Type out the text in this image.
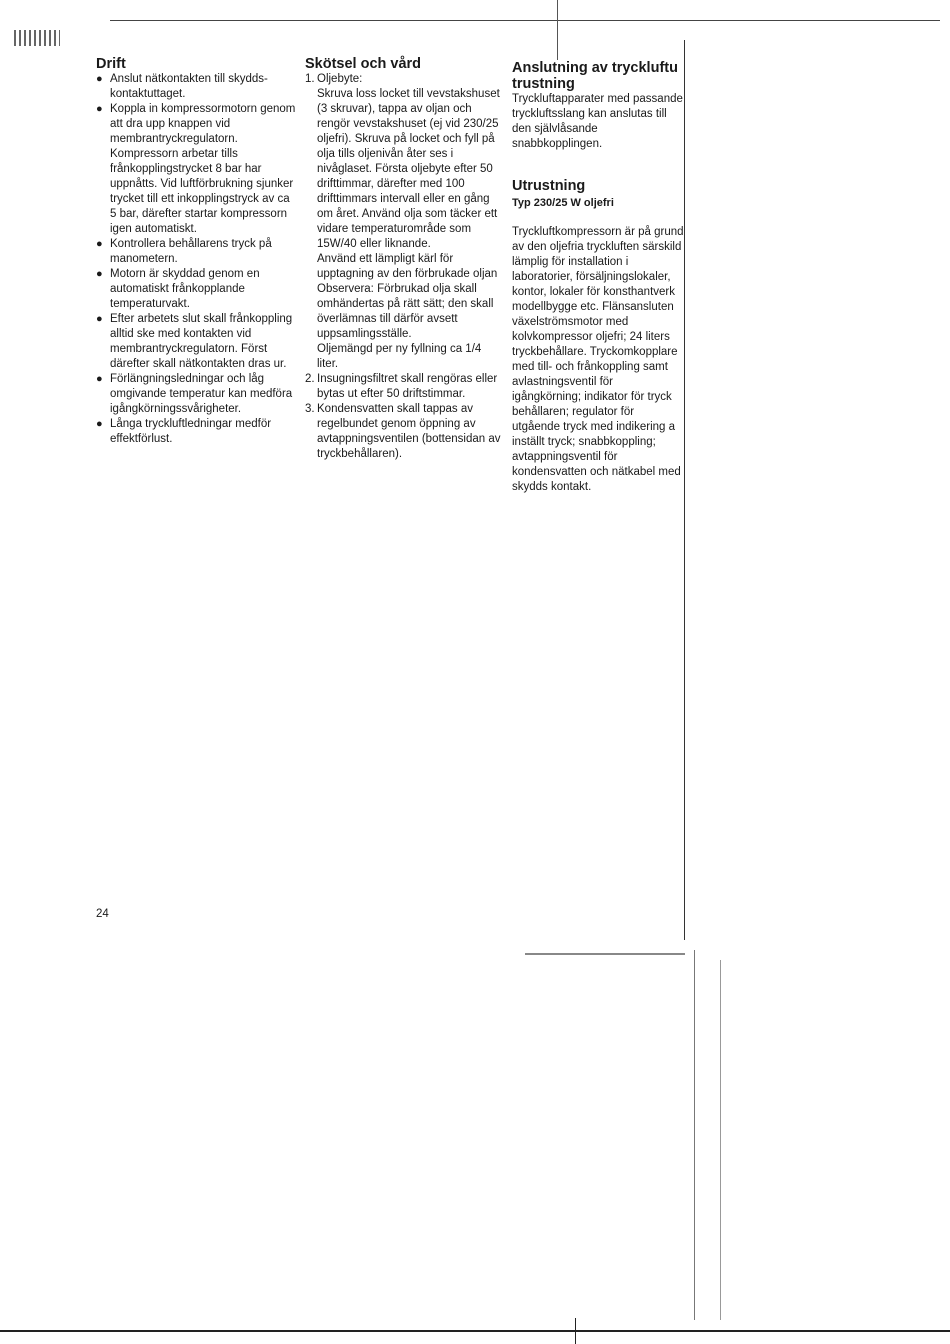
Drift
● Anslut nätkontakten till skydds-kontaktuttaget.
● Koppla in kompressormotorn genom att dra upp knappen vid membrantryckregulatorn. Kompressorn arbetar tills frånkopplingstrycket 8 bar har uppnåtts. Vid luftförbrukning sjunker trycket till ett inkopplingstryck av ca 5 bar, därefter startar kompressorn igen automatiskt.
● Kontrollera behållarens tryck på manometern.
● Motorn är skyddad genom en automatiskt frånkopplande temperaturvakt.
● Efter arbetets slut skall frånkoppling alltid ske med kontakten vid membrantryckregulatorn. Först därefter skall nätkontakten dras ur.
● Förlängningsledningar och låg omgivande temperatur kan medföra igångkörningssvårigheter.
● Långa tryckluftledningar medför effektförlust.
Skötsel och vård
1. Oljebyte:

Skruva loss locket till vevstakshuset (3 skruvar), tappa av oljan och rengör vevstakshuset (ej vid 230/25 oljefri). Skruva på locket och fyll på olja tills oljenivån åter ses i nivåglaset. Första oljebyte efter 50 drifttimmar, därefter med 100 drifttimmars intervall eller en gång om året. Använd olja som täcker ett vidare temperaturområde som 15W/40 eller liknande.

Använd ett lämpligt kärl för upptagning av den förbrukade oljan

Observera: Förbrukad olja skall omhändertas på rätt sätt; den skall överlämnas till därför avsett uppsamlingsställe.

Oljemängd per ny fyllning ca 1/4 liter.

2. Insugningsfiltret skall rengöras eller bytas ut efter 50 driftstimmar.

3. Kondensvatten skall tappas av regelbundet genom öppning av avtappningsventilen (bottensidan av tryckbehållaren).

Anslutning av tryckluftu trustning

Tryckluftapparater med passande tryckluftsslang kan anslutas till den självlåsande snabbkopplingen.

Utrustning
Typ 230/25 W oljefri

Tryckluftkompressorn är på grund av den oljefria tryckluften särskild lämplig för installation i laboratorier, försäljningslokaler, kontor, lokaler för konsthantverk modellbygge etc. Flänsansluten växelströmsmotor med kolvkompressor oljefri; 24 liters tryckbehållare. Tryckomkopplare med till- och frånkoppling samt avlastningsventil för igångkörning; indikator för tryck behållaren; regulator för utgående tryck med indikering a inställt tryck; snabbkoppling; avtappningsventil för kondensvatten och nätkabel med skydds kontakt.

24
